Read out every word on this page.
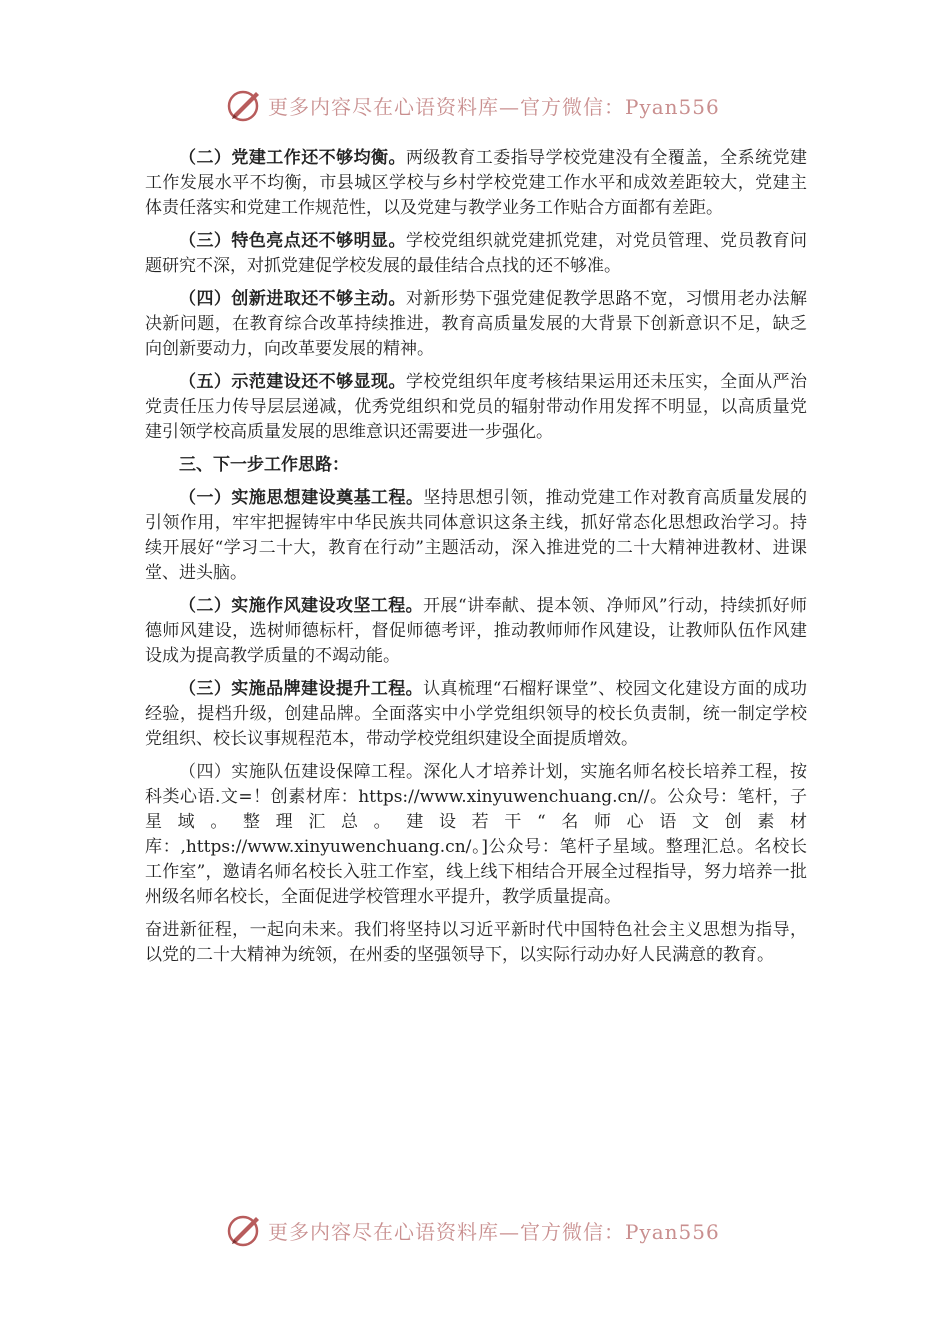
更多内容尽在心语资料库—官方微信：Pyan556

（二）党建工作还不够均衡。两级教育工委指导学校党建没有全覆盖，全系统党建工作发展水平不均衡，市县城区学校与乡村学校党建工作水平和成效差距较大，党建主体责任落实和党建工作规范性，以及党建与教学业务工作贴合方面都有差距。

（三）特色亮点还不够明显。学校党组织就党建抓党建，对党员管理、党员教育问题研究不深，对抓党建促学校发展的最佳结合点找的还不够准。

（四）创新进取还不够主动。对新形势下强党建促教学思路不宽，习惯用老办法解决新问题，在教育综合改革持续推进，教育高质量发展的大背景下创新意识不足，缺乏向创新要动力，向改革要发展的精神。

（五）示范建设还不够显现。学校党组织年度考核结果运用还未压实，全面从严治党责任压力传导层层递减，优秀党组织和党员的辐射带动作用发挥不明显，以高质量党建引领学校高质量发展的思维意识还需要进一步强化。

三、下一步工作思路：

（一）实施思想建设奠基工程。坚持思想引领，推动党建工作对教育高质量发展的引领作用，牢牢把握铸牢中华民族共同体意识这条主线，抓好常态化思想政治学习。持续开展好“学习二十大，教育在行动”主题活动，深入推进党的二十大精神进教材、进课堂、进头脑。

（二）实施作风建设攻坚工程。开展“讲奉献、提本领、净师风”行动，持续抓好师德师风建设，选树师德标杆，督促师德考评，推动教师师作风建设，让教师队伍作风建设成为提高教学质量的不竭动能。

（三）实施品牌建设提升工程。认真梳理“石榴籽课堂”、校园文化建设方面的成功经验，提档升级，创建品牌。全面落实中小学党组织领导的校长负责制，统一制定学校党组织、校长议事规程范本，带动学校党组织建设全面提质增效。

（四）实施队伍建设保障工程。深化人才培养计划，实施名师名校长培养工程，按科类心语.文=！创素材库：https://www.xinyuwenchuang.cn//。公众号：笔杆，子星域。整理汇总。建设若干“名师心语文创素材库：,https://www.xinyuwenchuang.cn/。]公众号：笔杆子星域。整理汇总。名校长工作室”，邀请名师名校长入驻工作室，线上线下相结合开展全过程指导，努力培养一批州级名师名校长，全面促进学校管理水平提升，教学质量提高。

奋进新征程，一起向未来。我们将坚持以习近平新时代中国特色社会主义思想为指导，以党的二十大精神为统领，在州委的坚强领导下，以实际行动办好人民满意的教育。

更多内容尽在心语资料库—官方微信：Pyan556
